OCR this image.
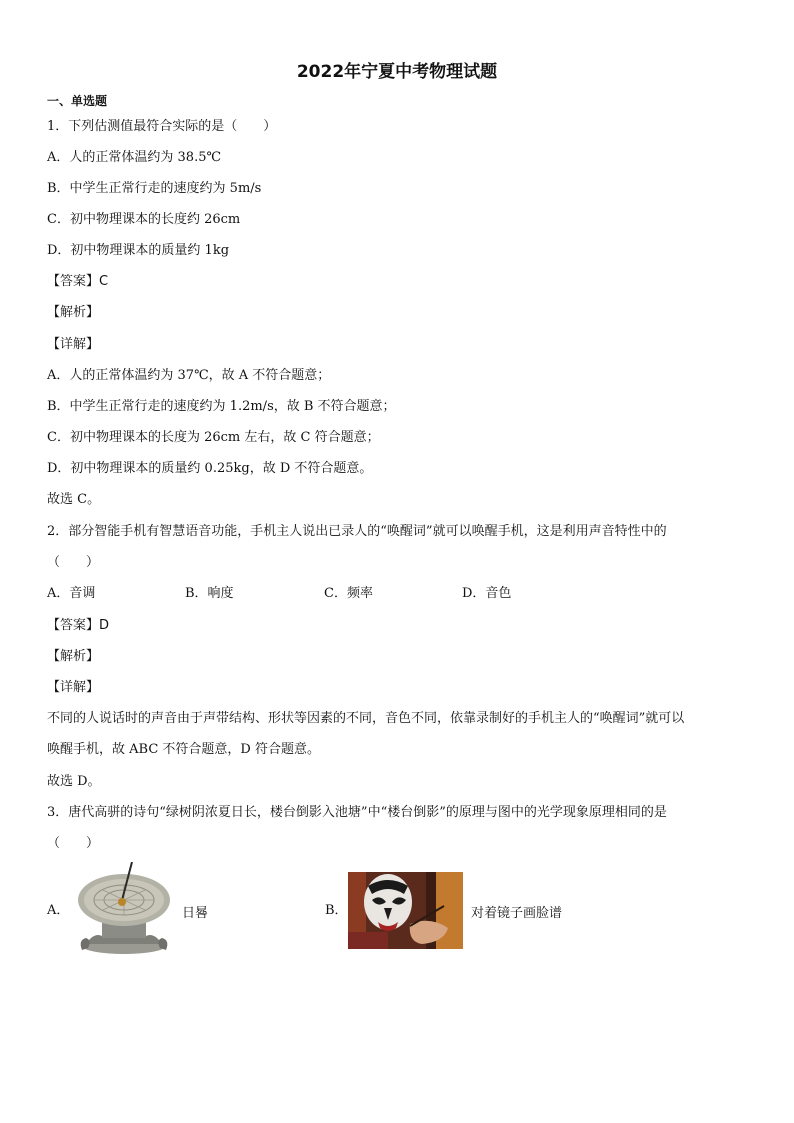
2022年宁夏中考物理试题
一、单选题
1．下列估测值最符合实际的是（　　）
A．人的正常体温约为 38.5℃
B．中学生正常行走的速度约为 5m/s
C．初中物理课本的长度约 26cm
D．初中物理课本的质量约 1kg
【答案】C
【解析】
【详解】
A．人的正常体温约为 37℃，故 A 不符合题意；
B．中学生正常行走的速度约为 1.2m/s，故 B 不符合题意；
C．初中物理课本的长度为 26cm 左右，故 C 符合题意；
D．初中物理课本的质量约 0.25kg，故 D 不符合题意。
故选 C。
2．部分智能手机有智慧语音功能，手机主人说出已录人的“唤醒词”就可以唤醒手机，这是利用声音特性中的
（　　）
A．音调	B．响度	C．频率	D．音色
【答案】D
【解析】
【详解】
不同的人说话时的声音由于声带结构、形状等因素的不同，音色不同，依靠录制好的手机主人的“唤醒词”就可以
唤醒手机，故 ABC 不符合题意，D 符合题意。
故选 D。
3．唐代高骈的诗句“绿树阴浓夏日长，楼台倒影入池塘”中“楼台倒影”的原理与图中的光学现象原理相同的是
（　　）
A．	日晷	B．	对着镜子画脸谱
